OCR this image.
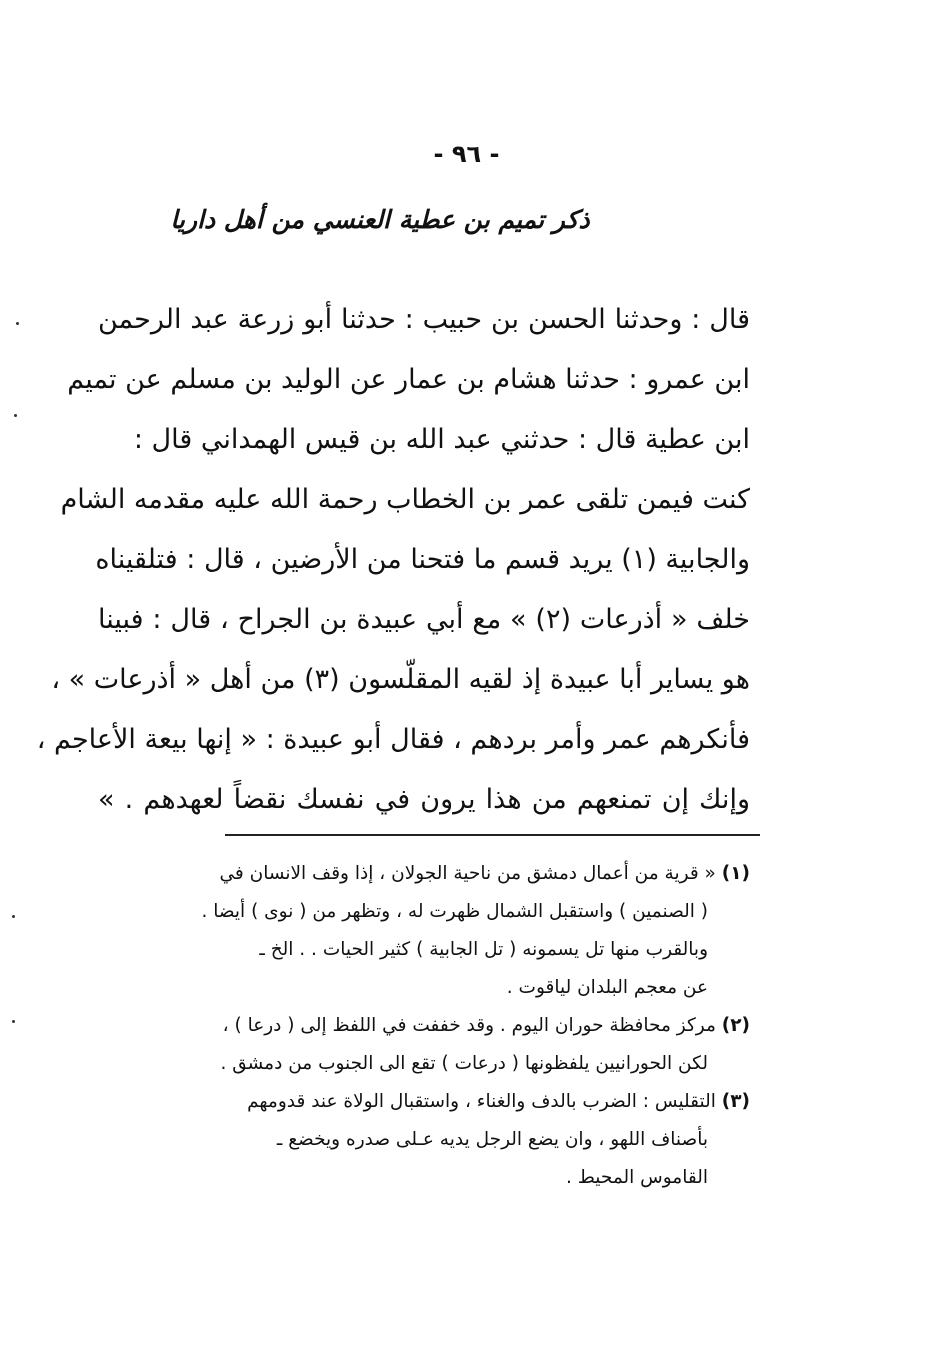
- ٩٦ -
ذكر تميم بن عطية العنسي من أهل داريا
قال : وحدثنا الحسن بن حبيب : حدثنا أبو زرعة عبد الرحمن
ابن عمرو : حدثنا هشام بن عمار عن الوليد بن مسلم عن تميم
ابن عطية قال : حدثني عبد الله بن قيس الهمداني قال :
كنت فيمن تلقى عمر بن الخطاب رحمة الله عليه مقدمه الشام
والجابية (١) يريد قسم ما فتحنا من الأرضين ، قال : فتلقيناه
خلف « أذرعات (٢) » مع أبي عبيدة بن الجراح ، قال : فبينا
هو يساير أبا عبيدة إذ لقيه المقلّسون (٣) من أهل « أذرعات » ،
فأنكرهم عمر وأمر بردهم ، فقال أبو عبيدة : « إنها بيعة الأعاجم ،
وإنك إن تمنعهم من هذا يرون في نفسك نقضاً لعهدهم . »
(١) « قرية من أعمال دمشق من ناحية الجولان ، إذا وقف الانسان في
( الصنمين ) واستقبل الشمال ظهرت له ، وتظهر من ( نوى ) أيضا .
وبالقرب منها تل يسمونه ( تل الجابية ) كثير الحيات . . الخ ـ
عن معجم البلدان لياقوت .
(٢) مركز محافظة حوران اليوم . وقد خففت في اللفظ إلى ( درعا ) ،
لكن الحورانيين يلفظونها ( درعات ) تقع الى الجنوب من دمشق .
(٣) التقليس : الضرب بالدف والغناء ، واستقبال الولاة عند قدومهم
بأصناف اللهو ، وان يضع الرجل يديه عـلى صدره ويخضع ـ
القاموس المحيط .
